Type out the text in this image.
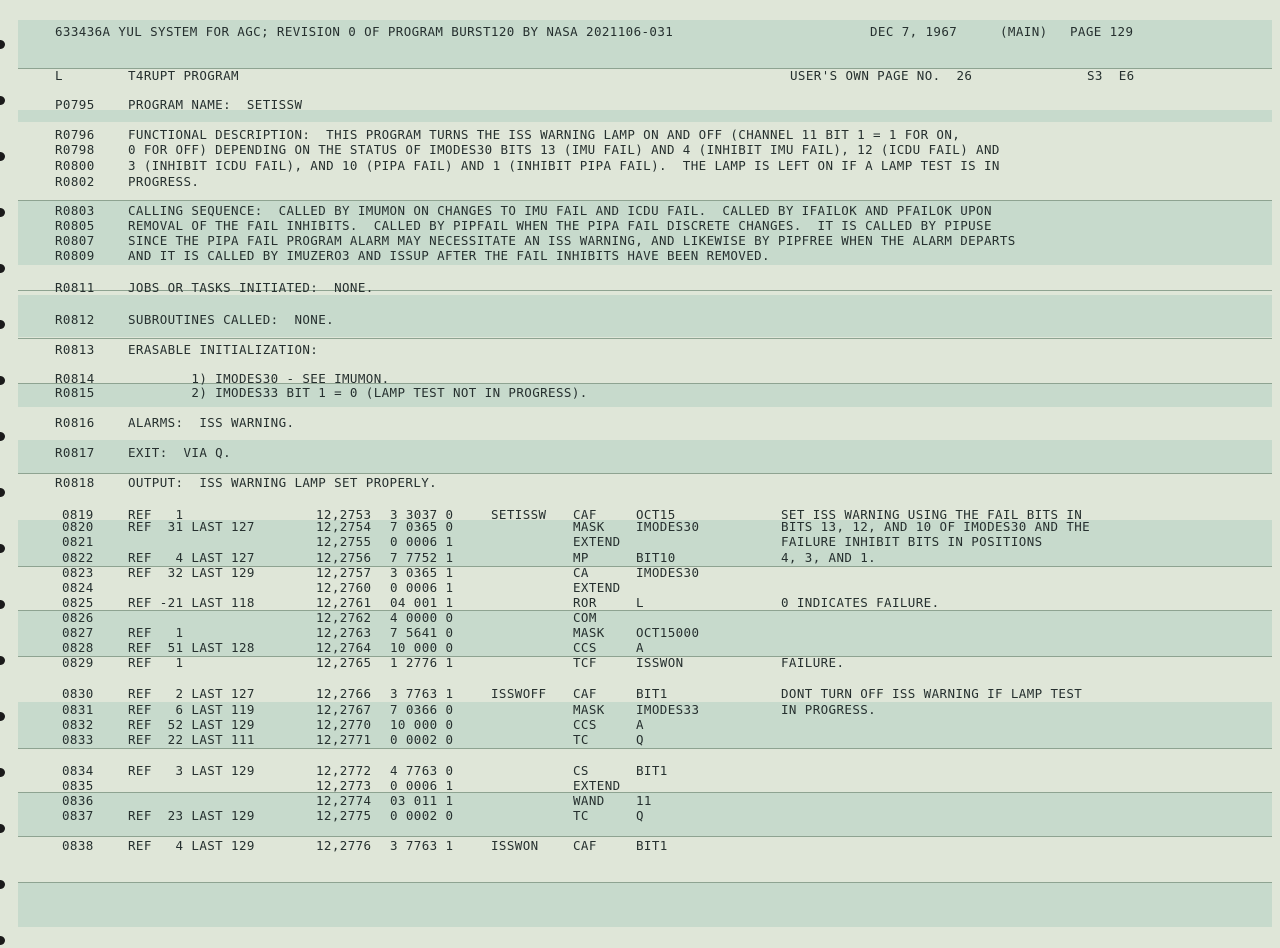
633436A YUL SYSTEM FOR AGC; REVISION 0 OF PROGRAM BURST120 BY NASA 2021106-031	DEC 7, 1967	(MAIN) PAGE 129
L	T4RUPT PROGRAM	USER'S OWN PAGE NO.  26	S3  E6
P0795	PROGRAM NAME:  SETISSW
R0796	FUNCTIONAL DESCRIPTION:  THIS PROGRAM TURNS THE ISS WARNING LAMP ON AND OFF (CHANNEL 11 BIT 1 = 1 FOR ON,
R0798	0 FOR OFF) DEPENDING ON THE STATUS OF IMODES30 BITS 13 (IMU FAIL) AND 4 (INHIBIT IMU FAIL), 12 (ICDU FAIL) AND
R0800	3 (INHIBIT ICDU FAIL), AND 10 (PIPA FAIL) AND 1 (INHIBIT PIPA FAIL).  THE LAMP IS LEFT ON IF A LAMP TEST IS IN
R0802	PROGRESS.
R0803	CALLING SEQUENCE:  CALLED BY IMUMON ON CHANGES TO IMU FAIL AND ICDU FAIL.  CALLED BY IFAILOK AND PFAILOK UPON
R0805	REMOVAL OF THE FAIL INHIBITS.  CALLED BY PIPFAIL WHEN THE PIPA FAIL DISCRETE CHANGES.  IT IS CALLED BY PIPUSE
R0807	SINCE THE PIPA FAIL PROGRAM ALARM MAY NECESSITATE AN ISS WARNING, AND LIKEWISE BY PIPFREE WHEN THE ALARM DEPARTS
R0809	AND IT IS CALLED BY IMUZERO3 AND ISSUP AFTER THE FAIL INHIBITS HAVE BEEN REMOVED.
R0811	JOBS OR TASKS INITIATED:  NONE.
R0812	SUBROUTINES CALLED:  NONE.
R0813	ERASABLE INITIALIZATION:
R0814	1) IMODES30 - SEE IMUMON.
R0815	2) IMODES33 BIT 1 = 0 (LAMP TEST NOT IN PROGRESS).
R0816	ALARMS:  ISS WARNING.
R0817	EXIT:  VIA Q.
R0818	OUTPUT:  ISS WARNING LAMP SET PROPERLY.
0819	REF   1	12,2753 3 3037 0	SETISSW CAF	OCT15	SET ISS WARNING USING THE FAIL BITS IN
0820	REF  31 LAST 127	12,2754 7 0365 0	MASK	IMODES30	BITS 13, 12, AND 10 OF IMODES30 AND THE
0821	12,2755 0 0006 1	EXTEND	FAILURE INHIBIT BITS IN POSITIONS
0822	REF   4 LAST 127	12,2756 7 7752 1	MP	BIT10	4, 3, AND 1.
0823	REF  32 LAST 129	12,2757 3 0365 1	CA	IMODES30
0824	12,2760 0 0006 1	EXTEND
0825	REF -21 LAST 118	12,2761 04 001 1	ROR	L	0 INDICATES FAILURE.
0826	12,2762 4 0000 0	COM
0827	REF   1	12,2763 7 5641 0	MASK	OCT15000
0828	REF  51 LAST 128	12,2764 10 000 0	CCS	A
0829	REF   1	12,2765 1 2776 1	TCF	ISSWON	FAILURE.
0830	REF   2 LAST 127	12,2766 3 7763 1	ISSWOFF CAF	BIT1	DONT TURN OFF ISS WARNING IF LAMP TEST
0831	REF   6 LAST 119	12,2767 7 0366 0	MASK	IMODES33	IN PROGRESS.
0832	REF  52 LAST 129	12,2770 10 000 0	CCS	A
0833	REF  22 LAST 111	12,2771 0 0002 0	TC	Q
0834	REF   3 LAST 129	12,2772 4 7763 0	CS	BIT1
0835	12,2773 0 0006 1	EXTEND
0836	12,2774 03 011 1	WAND	11
0837	REF  23 LAST 129	12,2775 0 0002 0	TC	Q
0838	REF   4 LAST 129	12,2776 3 7763 1	ISSWON	CAF	BIT1
